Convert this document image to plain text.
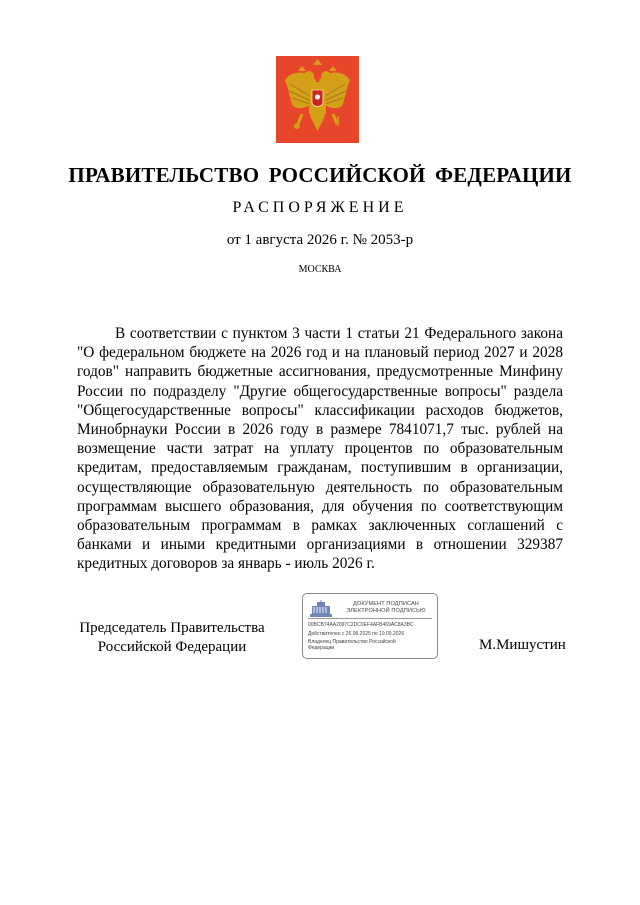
ПРАВИТЕЛЬСТВО РОССИЙСКОЙ ФЕДЕРАЦИИ
РАСПОРЯЖЕНИЕ
от 1 августа 2026 г. № 2053-р
МОСКВА

В соответствии с пунктом 3 части 1 статьи 21 Федерального закона "О федеральном бюджете на 2026 год и на плановый период 2027 и 2028 годов" направить бюджетные ассигнования, предусмотренные Минфину России по подразделу "Другие общегосударственные вопросы" раздела "Общегосударственные вопросы" классификации расходов бюджетов, Минобрнауки России в 2026 году в размере 7841071,7 тыс. рублей на возмещение части затрат на уплату процентов по образовательным кредитам, предоставляемым гражданам, поступившим в организации, осуществляющие образовательную деятельность по образовательным программам высшего образования, для обучения по соответствующим образовательным программам в рамках заключенных соглашений с банками и иными кредитными организациями в отношении 329387 кредитных договоров за январь - июль 2026 г.

Председатель Правительства
Российской Федерации
ДОКУМЕНТ ПОДПИСАН
ЭЛЕКТРОННОЙ ПОДПИСЬЮ
00BCB74AA2097C2DC0EF4AFB469AC8A3BC
Действителен с 26.06.2025 по 19.09.2026
Владелец Правительство Российской
Федерации	М.Мишустин
